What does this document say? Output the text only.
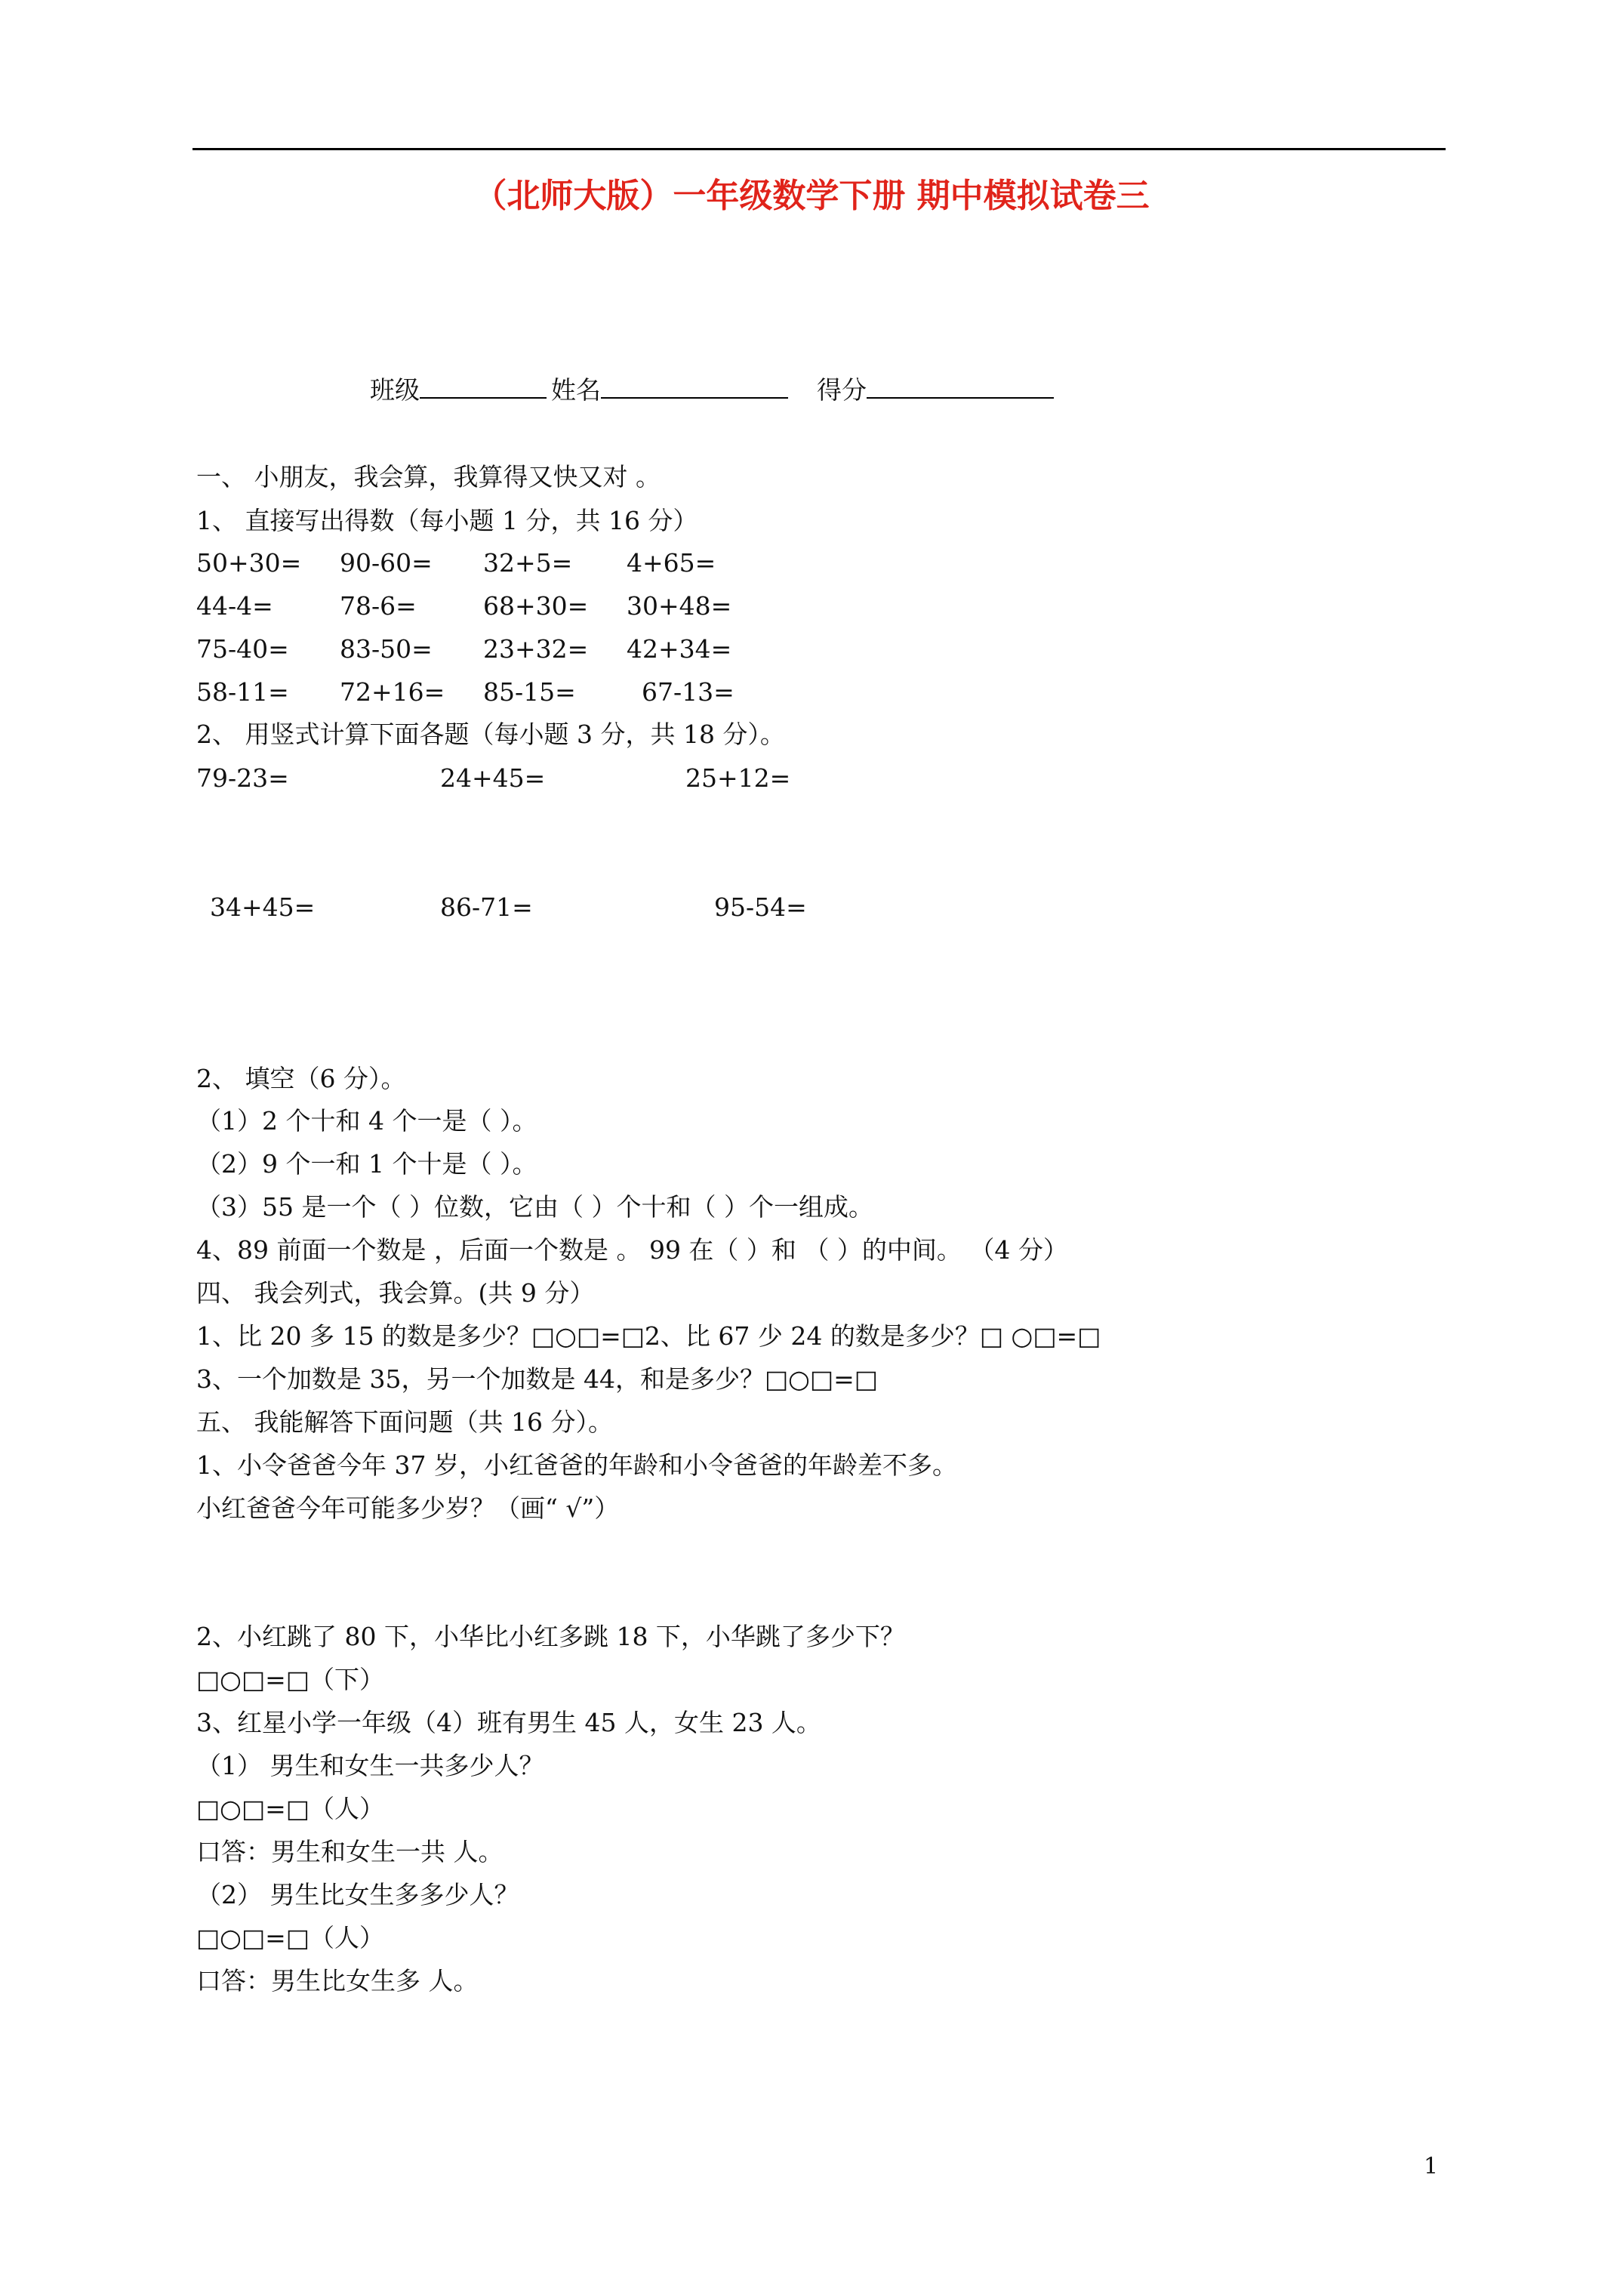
（北师大版）一年级数学下册 期中模拟试卷三
班级	姓名	得分
一、 小朋友，我会算，我算得又快又对 。
1、 直接写出得数（每小题 1 分，共 16 分）
50+30= 90-60= 32+5= 4+65=
44-4=	78-6=	68+30= 30+48=
75-40= 83-50= 23+32= 42+34=
58-11= 72+16= 85-15=	67-13=
2、 用竖式计算下面各题（每小题 3 分，共 18 分）。
79-23=	24+45=	25+12=
34+45=	86-71=	95-54=
2、 填空（6 分）。
（1）2 个十和 4 个一是（ ）。
（2）9 个一和 1 个十是（ ）。
（3）55 是一个（ ）位数，它由（ ）个十和（ ）个一组成。
4、89 前面一个数是 ，后面一个数是 。 99 在（ ）和 （ ）的中间。 （4 分）
四、 我会列式，我会算。(共 9 分）
1、比 20 多 15 的数是多少？□○□=□2、比 67 少 24 的数是多少？□ ○□=□
3、一个加数是 35，另一个加数是 44，和是多少？□○□=□
五、 我能解答下面问题（共 16 分）。
1、小令爸爸今年 37 岁，小红爸爸的年龄和小令爸爸的年龄差不多。
小红爸爸今年可能多少岁？（画“ √”）
2、小红跳了 80 下，小华比小红多跳 18 下，小华跳了多少下？
□○□=□（下）
3、红星小学一年级（4）班有男生 45 人，女生 23 人。
（1） 男生和女生一共多少人？
□○□=□（人）
口答：男生和女生一共 人。
（2） 男生比女生多多少人？
□○□=□（人）
口答：男生比女生多 人。
1
